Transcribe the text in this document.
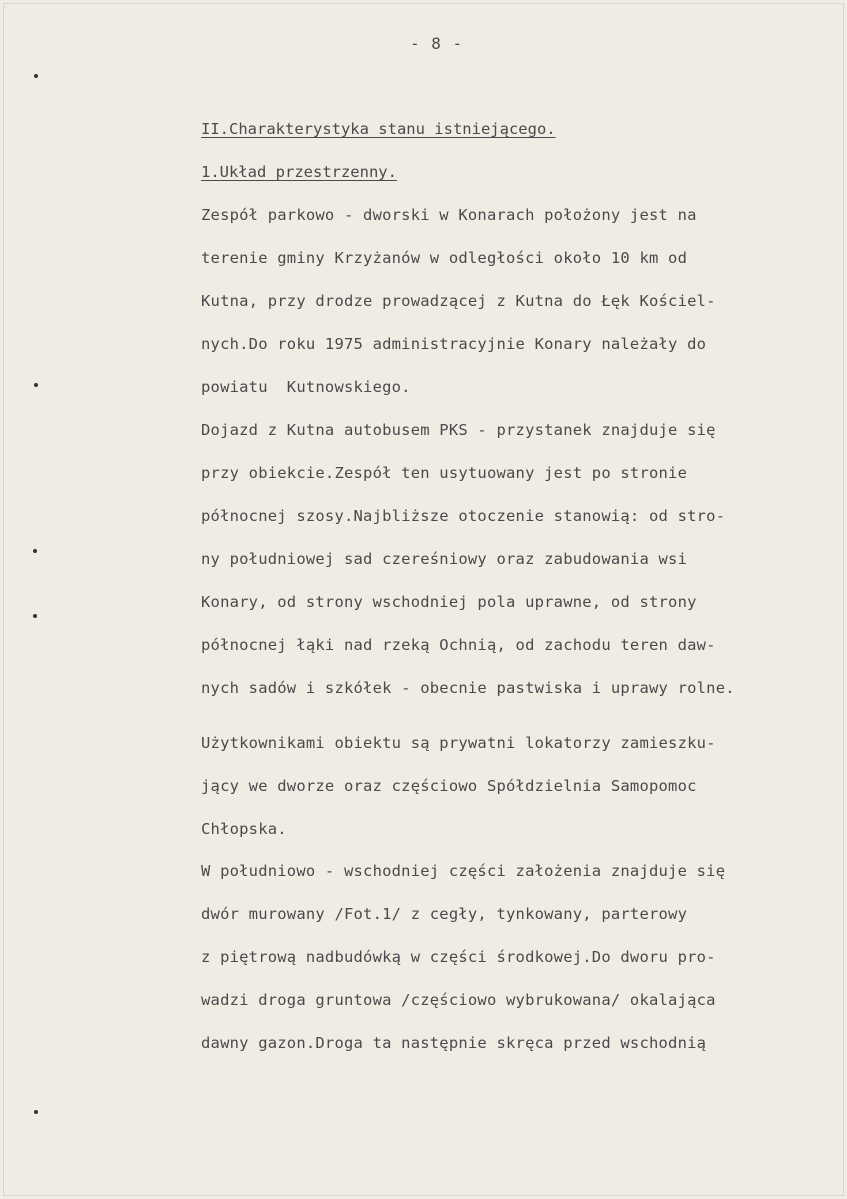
- 8 -
II.Charakterystyka stanu istniejącego.
1.Układ przestrzenny.
Zespół parkowo - dworski w Konarach położony jest na
terenie gminy Krzyżanów w odległości około 10 km od
Kutna, przy drodze prowadzącej z Kutna do Łęk Kościel-
nych.Do roku 1975 administracyjnie Konary należały do
powiatu  Kutnowskiego.
Dojazd z Kutna autobusem PKS - przystanek znajduje się
przy obiekcie.Zespół ten usytuowany jest po stronie
północnej szosy.Najbliższe otoczenie stanowią: od stro-
ny południowej sad czereśniowy oraz zabudowania wsi
Konary, od strony wschodniej pola uprawne, od strony
północnej łąki nad rzeką Ochnią, od zachodu teren daw-
nych sadów i szkółek - obecnie pastwiska i uprawy rolne.
Użytkownikami obiektu są prywatni lokatorzy zamieszku-
jący we dworze oraz częściowo Spółdzielnia Samopomoc
Chłopska.
W południowo - wschodniej części założenia znajduje się
dwór murowany /Fot.1/ z cegły, tynkowany, parterowy
z piętrową nadbudówką w części środkowej.Do dworu pro-
wadzi droga gruntowa /częściowo wybrukowana/ okalająca
dawny gazon.Droga ta następnie skręca przed wschodnią
